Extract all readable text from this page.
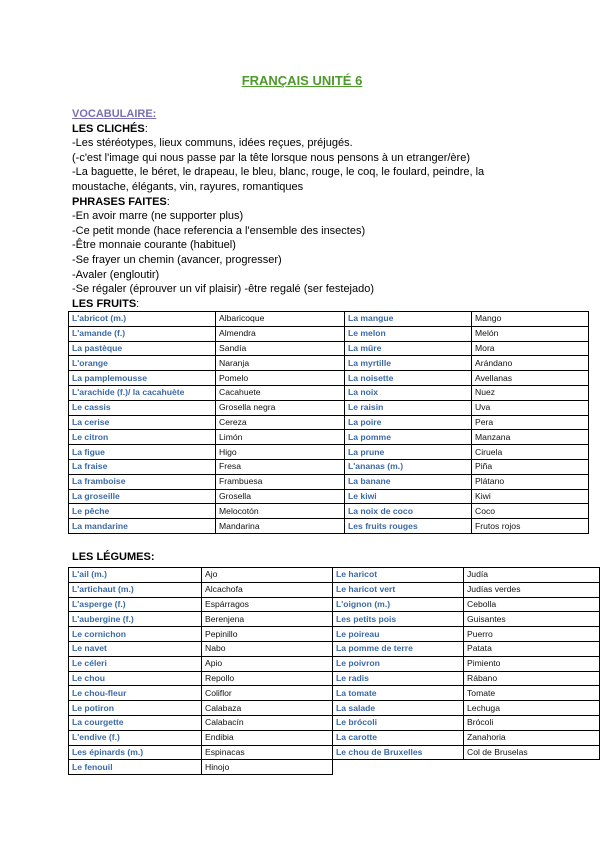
FRANÇAIS UNITÉ 6
VOCABULAIRE:
LES CLICHÉS:
-Les stéréotypes, lieux communs, idées reçues, préjugés.
(-c'est l'image qui nous passe par la tête lorsque nous pensons à un etranger/ère)
-La baguette, le béret, le drapeau, le bleu, blanc, rouge, le coq, le foulard, peindre, la
moustache, élégants, vin, rayures, romantiques
PHRASES FAITES:
-En avoir marre (ne supporter plus)
-Ce petit monde (hace referencia a l'ensemble des insectes)
-Être monnaie courante (habituel)
-Se frayer un chemin (avancer, progresser)
-Avaler (engloutir)
-Se régaler (éprouver un vif plaisir) -être regalé (ser festejado)
LES FRUITS:
L'abricot (m.)	Albaricoque	La mangue	Mango
L'amande (f.)	Almendra	Le melon	Melón
La pastèque	Sandía	La mûre	Mora
L'orange	Naranja	La myrtille	Arándano
La pamplemousse	Pomelo	La noisette	Avellanas
L'arachide (f.)/ la cacahuète	Cacahuete	La noix	Nuez
Le cassis	Grosella negra	Le raisin	Uva
La cerise	Cereza	La poire	Pera
Le citron	Limón	La pomme	Manzana
La figue	Higo	La prune	Ciruela
La fraise	Fresa	L'ananas (m.)	Piña
La framboise	Frambuesa	La banane	Plátano
La groseille	Grosella	Le kiwi	Kiwi
Le pêche	Melocotón	La noix de coco	Coco
La mandarine	Mandarina	Les fruits rouges	Frutos rojos
LES LÉGUMES:
L'ail (m.)	Ajo	Le haricot	Judía
L'artichaut (m.)	Alcachofa	Le haricot vert	Judías verdes
L'asperge (f.)	Espárragos	L'oignon (m.)	Cebolla
L'aubergine (f.)	Berenjena	Les petits pois	Guisantes
Le cornichon	Pepinillo	Le poireau	Puerro
Le navet	Nabo	La pomme de terre	Patata
Le céleri	Apio	Le poivron	Pimiento
Le chou	Repollo	Le radis	Rábano
Le chou-fleur	Coliflor	La tomate	Tomate
Le potiron	Calabaza	La salade	Lechuga
La courgette	Calabacín	Le brócoli	Brócoli
L'endive (f.)	Endibia	La carotte	Zanahoria
Les épinards (m.)	Espinacas	Le chou de Bruxelles	Col de Bruselas
Le fenouil	Hinojo		
